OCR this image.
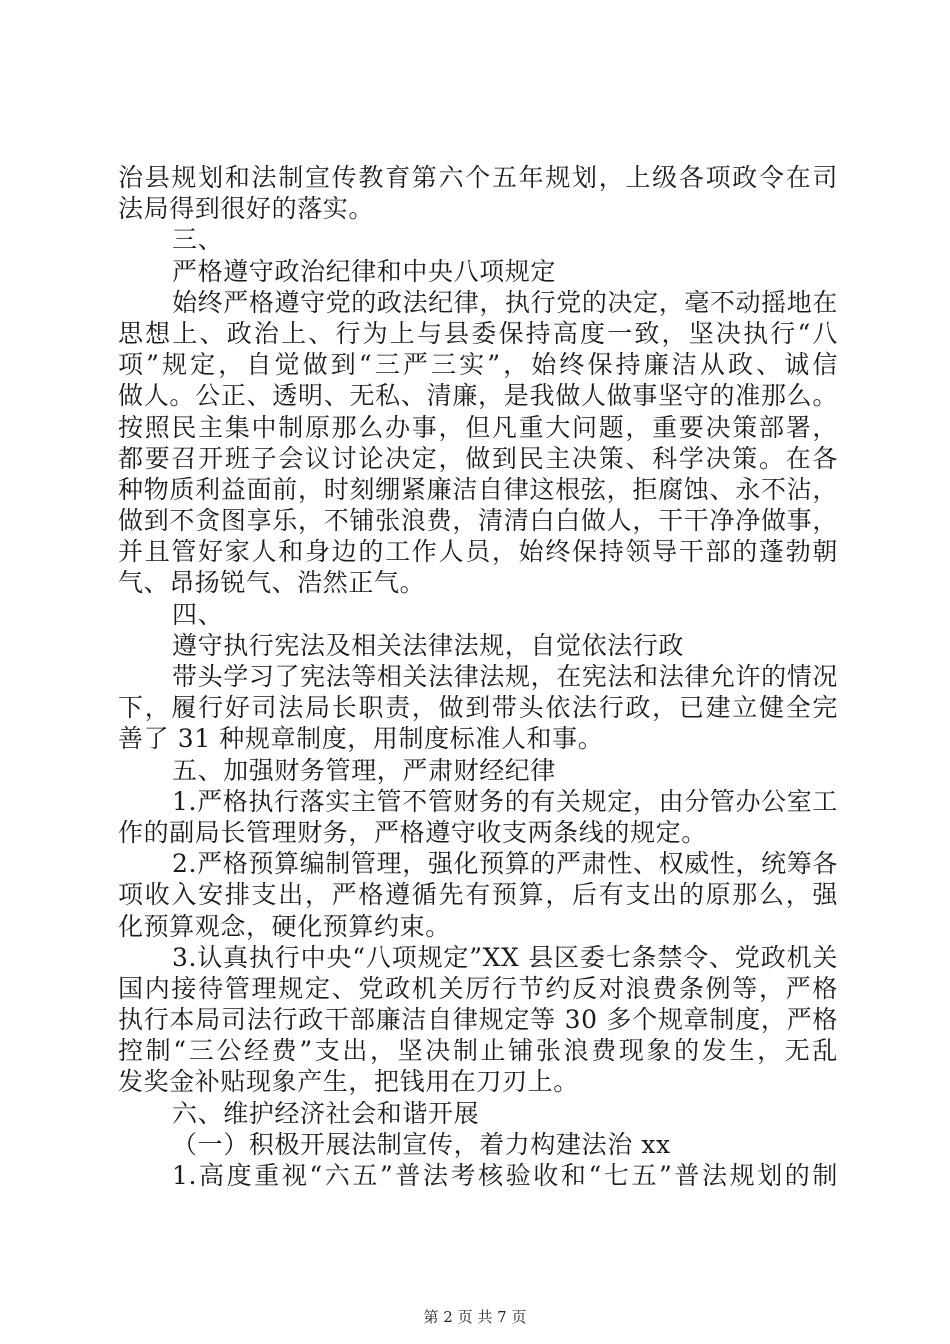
治县规划和法制宣传教育第六个五年规划，上级各项政令在司
法局得到很好的落实。
三、
严格遵守政治纪律和中央八项规定
始终严格遵守党的政法纪律，执行党的决定，毫不动摇地在
思想上、政治上、行为上与县委保持高度一致，坚决执行“八
项”规定，自觉做到“三严三实”，始终保持廉洁从政、诚信
做人。公正、透明、无私、清廉，是我做人做事坚守的准那么。
按照民主集中制原那么办事，但凡重大问题，重要决策部署，
都要召开班子会议讨论决定，做到民主决策、科学决策。在各
种物质利益面前，时刻绷紧廉洁自律这根弦，拒腐蚀、永不沾，
做到不贪图享乐，不铺张浪费，清清白白做人，干干净净做事，
并且管好家人和身边的工作人员，始终保持领导干部的蓬勃朝
气、昂扬锐气、浩然正气。
四、
遵守执行宪法及相关法律法规，自觉依法行政
带头学习了宪法等相关法律法规，在宪法和法律允许的情况
下，履行好司法局长职责，做到带头依法行政，已建立健全完
善了 31 种规章制度，用制度标准人和事。
五、加强财务管理，严肃财经纪律
1.严格执行落实主管不管财务的有关规定，由分管办公室工
作的副局长管理财务，严格遵守收支两条线的规定。
2.严格预算编制管理，强化预算的严肃性、权威性，统筹各
项收入安排支出，严格遵循先有预算，后有支出的原那么，强
化预算观念，硬化预算约束。
3.认真执行中央“八项规定”XX 县区委七条禁令、党政机关
国内接待管理规定、党政机关厉行节约反对浪费条例等，严格
执行本局司法行政干部廉洁自律规定等 30 多个规章制度，严格
控制“三公经费”支出，坚决制止铺张浪费现象的发生，无乱
发奖金补贴现象产生，把钱用在刀刃上。
六、维护经济社会和谐开展
（一）积极开展法制宣传，着力构建法治 xx
1.高度重视“六五”普法考核验收和“七五”普法规划的制
第 2 页 共 7 页
